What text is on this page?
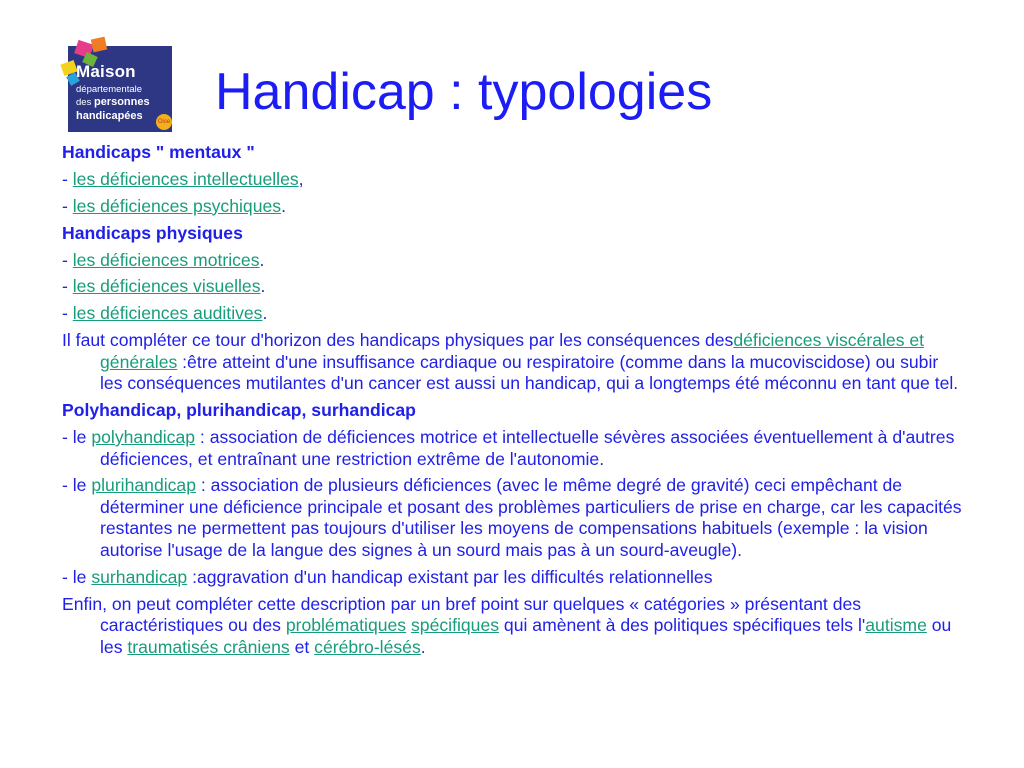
Maison
départementale
des personnes
handicapées	Oise
Handicap : typologies

Handicaps " mentaux "

- les déficiences intellectuelles,

- les déficiences psychiques.

Handicaps physiques

- les déficiences motrices.

- les déficiences visuelles.

- les déficiences auditives.

Il faut compléter ce tour d'horizon des handicaps physiques par les conséquences desdéficiences viscérales et générales :être atteint d'une insuffisance cardiaque ou respiratoire (comme dans la mucoviscidose) ou subir les conséquences mutilantes d'un cancer est aussi un handicap, qui a longtemps été méconnu en tant que tel.

Polyhandicap, plurihandicap, surhandicap

- le polyhandicap : association de déficiences motrice et intellectuelle sévères associées éventuellement à d'autres déficiences, et entraînant une restriction extrême de l'autonomie.

- le plurihandicap : association de plusieurs déficiences (avec le même degré de gravité) ceci empêchant de déterminer une déficience principale et posant des problèmes particuliers de prise en charge, car les capacités restantes ne permettent pas toujours d'utiliser les moyens de compensations habituels (exemple : la vision autorise l'usage de la langue des signes à un sourd mais pas à un sourd-aveugle).

- le surhandicap :aggravation d'un handicap existant par les difficultés relationnelles

Enfin, on peut compléter cette description par un bref point sur quelques « catégories » présentant des caractéristiques ou des problématiques spécifiques qui amènent à des politiques spécifiques tels l'autisme ou les traumatisés crâniens et cérébro-lésés.
